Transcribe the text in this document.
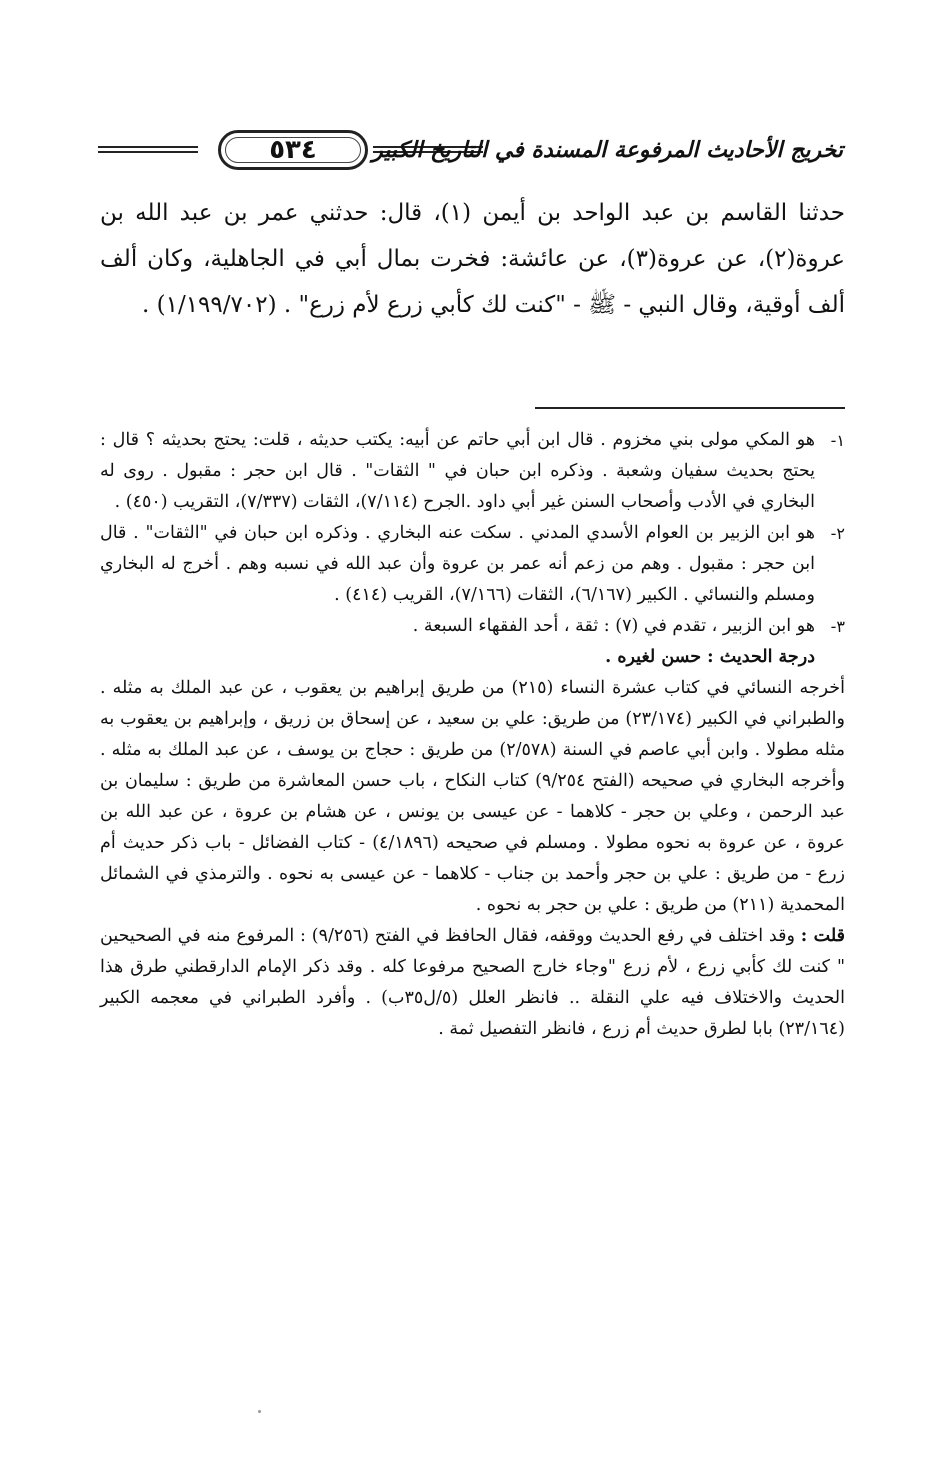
٥٣٤	تخريج الأحاديث المرفوعة المسندة في التاريخ الكبير

حدثنا القاسم بن عبد الواحد بن أيمن (١)، قال: حدثني عمر بن عبد الله بن عروة(٢)، عن عروة(٣)، عن عائشة: فخرت بمال أبي في الجاهلية، وكان ألف ألف أوقية، وقال النبي - ﷺ - "كنت لك كأبي زرع لأم زرع" . (١/١٩٩/٧٠٢) .

١-
هو المكي مولى بني مخزوم . قال ابن أبي حاتم عن أبيه: يكتب حديثه ، قلت: يحتج بحديثه ؟ قال : يحتج بحديث سفيان وشعبة . وذكره ابن حبان في " الثقات" . قال ابن حجر : مقبول . روى له البخاري في الأدب وأصحاب السنن غير أبي داود .الجرح (٧/١١٤)، الثقات (٧/٣٣٧)، التقريب (٤٥٠) .
٢-
هو ابن الزبير بن العوام الأسدي المدني . سكت عنه البخاري . وذكره ابن حبان في "الثقات" . قال ابن حجر : مقبول . وهم من زعم أنه عمر بن عروة وأن عبد الله في نسبه وهم . أخرج له البخاري ومسلم والنسائي . الكبير (٦/١٦٧)، الثقات (٧/١٦٦)، القريب (٤١٤) .
٣-
هو ابن الزبير ، تقدم في (٧) : ثقة ، أحد الفقهاء السبعة .

درجة الحديث : حسن لغيره .

أخرجه النسائي في كتاب عشرة النساء (٢١٥) من طريق إبراهيم بن يعقوب ، عن عبد الملك به مثله . والطبراني في الكبير (٢٣/١٧٤) من طريق: علي بن سعيد ، عن إسحاق بن زريق ، وإبراهيم بن يعقوب به مثله مطولا . وابن أبي عاصم في السنة (٢/٥٧٨) من طريق : حجاج بن يوسف ، عن عبد الملك به مثله . وأخرجه البخاري في صحيحه (الفتح ٩/٢٥٤) كتاب النكاح ، باب حسن المعاشرة من طريق : سليمان بن عبد الرحمن ، وعلي بن حجر - كلاهما - عن عيسى بن يونس ، عن هشام بن عروة ، عن عبد الله بن عروة ، عن عروة به نحوه مطولا . ومسلم في صحيحه (٤/١٨٩٦) - كتاب الفضائل - باب ذكر حديث أم زرع - من طريق : علي بن حجر وأحمد بن جناب - كلاهما - عن عيسى به نحوه . والترمذي في الشمائل المحمدية (٢١١) من طريق : علي بن حجر به نحوه .

قلت : وقد اختلف في رفع الحديث ووقفه، فقال الحافظ في الفتح (٩/٢٥٦) : المرفوع منه في الصحيحين " كنت لك كأبي زرع ، لأم زرع "وجاء خارج الصحيح مرفوعا كله . وقد ذكر الإمام الدارقطني طرق هذا الحديث والاختلاف فيه علي النقلة .. فانظر العلل (٥/ل٣٥ب) . وأفرد الطبراني في معجمه الكبير (٢٣/١٦٤) بابا لطرق حديث أم زرع ، فانظر التفصيل ثمة .
